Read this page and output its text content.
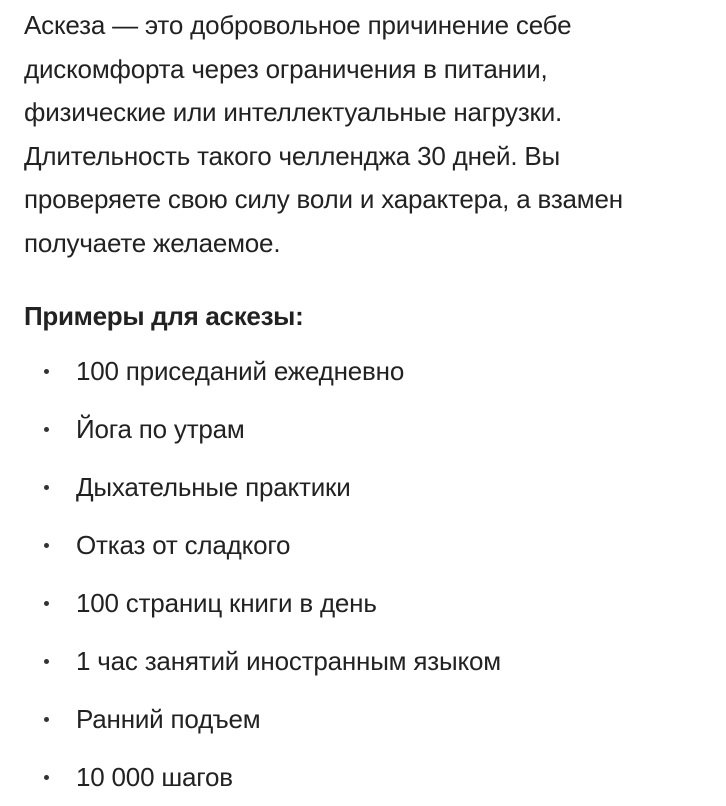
Аскеза — это добровольное причинение себе
дискомфорта через ограничения в питании,
физические или интеллектуальные нагрузки.
Длительность такого челленджа 30 дней. Вы
проверяете свою силу воли и характера, а взамен
получаете желаемое.

Примеры для аскезы:
100 приседаний ежедневно
Йога по утрам
Дыхательные практики
Отказ от сладкого
100 страниц книги в день
1 час занятий иностранным языком
Ранний подъем
10 000 шагов
